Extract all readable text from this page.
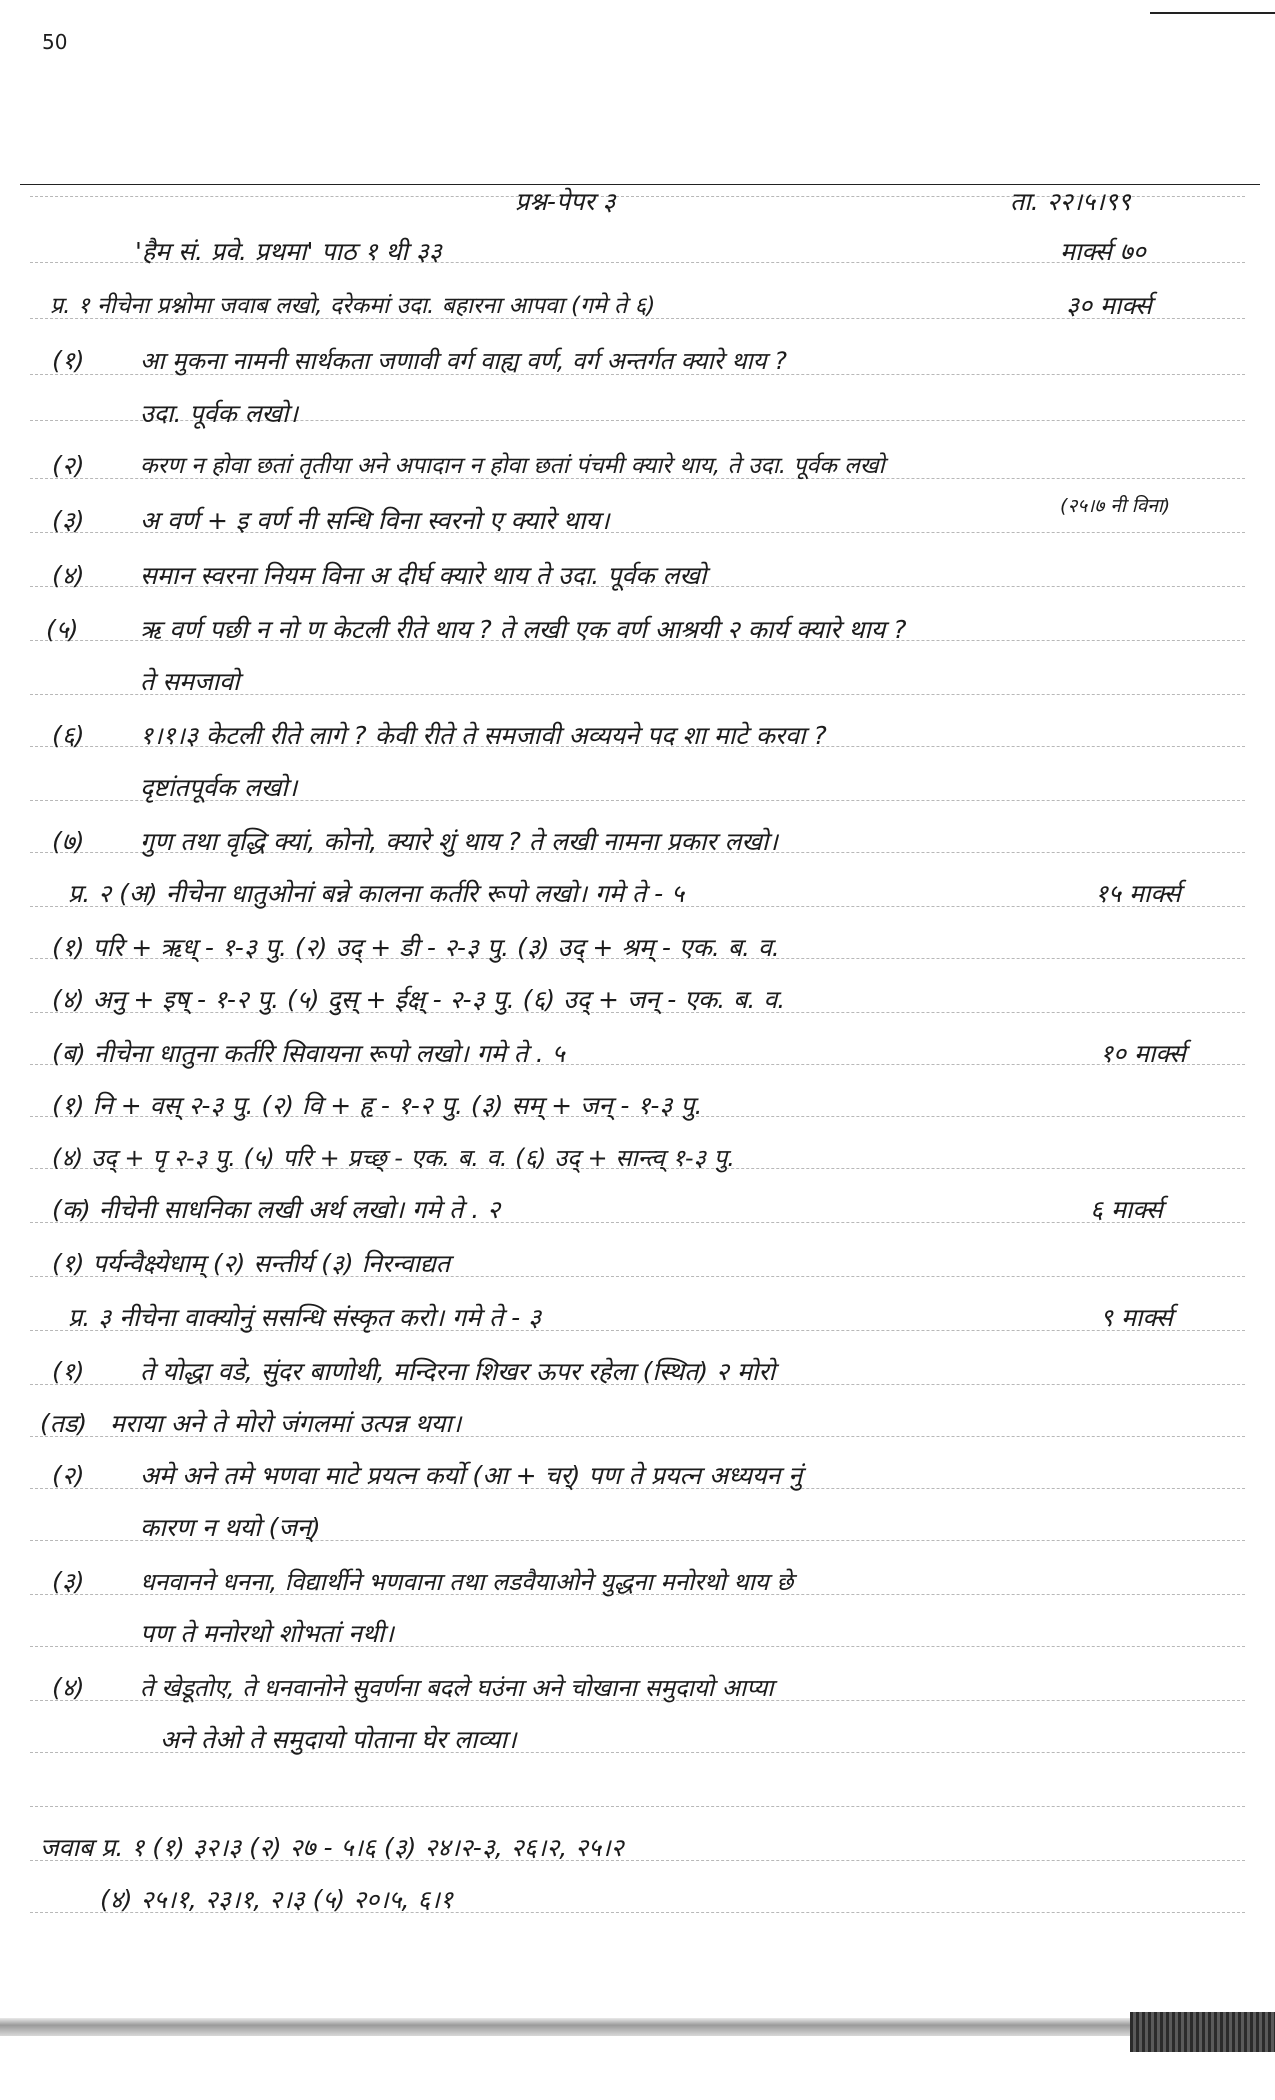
50
प्रश्न-पेपर ३	ता. २२।५।९९
'हैम सं. प्रवे. प्रथमा' पाठ १ थी ३३	मार्क्स ७०
प्र. १ नीचेना प्रश्नोमा जवाब लखो, दरेकमां उदा. बहारना आपवा (गमे ते ६)	३० मार्क्स
(१) आ मुकना नामनी सार्थकता जणावी वर्ग वाह्य वर्ण, वर्ग अन्तर्गत क्यारे थाय ?
उदा. पूर्वक लखो।
(२) करण न होवा छतां तृतीया अने अपादान न होवा छतां पंचमी क्यारे थाय, ते उदा. पूर्वक लखो
(२५।७ नी विना)
(३) अ वर्ण + इ वर्ण नी सन्धि विना स्वरनो ए क्यारे थाय।
(४) समान स्वरना नियम विना अ दीर्घ क्यारे थाय ते उदा. पूर्वक लखो
(५) ऋ वर्ण पछी न नो ण केटली रीते थाय ? ते लखी एक वर्ण आश्रयी २ कार्य क्यारे थाय ?
ते समजावो
(६) १।१।३ केटली रीते लागे ? केवी रीते ते समजावी अव्ययने पद शा माटे करवा ?
दृष्टांतपूर्वक लखो।
(७) गुण तथा वृद्धि क्यां, कोनो, क्यारे शुं थाय ? ते लखी नामना प्रकार लखो।
प्र. २ (अ) नीचेना धातुओनां बन्ने कालना कर्तरि रूपो लखो। गमे ते - ५	१५ मार्क्स
(१) परि + ऋध् - १-३ पु. (२) उद् + डी - २-३ पु. (३) उद् + श्रम् - एक. ब. व.
(४) अनु + इष् - १-२ पु. (५) दुस् + ईक्ष् - २-३ पु. (६) उद् + जन् - एक. ब. व.
(ब) नीचेना धातुना कर्तरि सिवायना रूपो लखो। गमे ते . ५	१० मार्क्स
(१) नि + वस् २-३ पु. (२) वि + हृ - १-२ पु. (३) सम् + जन् - १-३ पु.
(४) उद् + पृ २-३ पु. (५) परि + प्रच्छ् - एक. ब. व. (६) उद् + सान्त्व् १-३ पु.
(क) नीचेनी साधनिका लखी अर्थ लखो। गमे ते . २	६ मार्क्स
(१) पर्यन्वैक्ष्येधाम् (२) सन्तीर्य (३) निरन्वाद्यत
प्र. ३ नीचेना वाक्योनुं ससन्धि संस्कृत करो। गमे ते - ३	९ मार्क्स
(१) ते योद्धा वडे, सुंदर बाणोथी, मन्दिरना शिखर ऊपर रहेला (स्थित) २ मोरो
(तड) मराया अने ते मोरो जंगलमां उत्पन्न थया।
(२) अमे अने तमे भणवा माटे प्रयत्न कर्यो (आ + चर्) पण ते प्रयत्न अध्ययन नुं
कारण न थयो (जन्)
(३) धनवानने धनना, विद्यार्थीने भणवाना तथा लडवैयाओने युद्धना मनोरथो थाय छे
पण ते मनोरथो शोभतां नथी।
(४) ते खेडूतोए, ते धनवानोने सुवर्णना बदले घउंना अने चोखाना समुदायो आप्या
अने तेओ ते समुदायो पोताना घेर लाव्या।
जवाब प्र. १ (१) ३२।३ (२) २७ - ५।६ (३) २४।२-३, २६।२, २५।२
(४) २५।१, २३।१, २।३ (५) २०।५, ६।१
